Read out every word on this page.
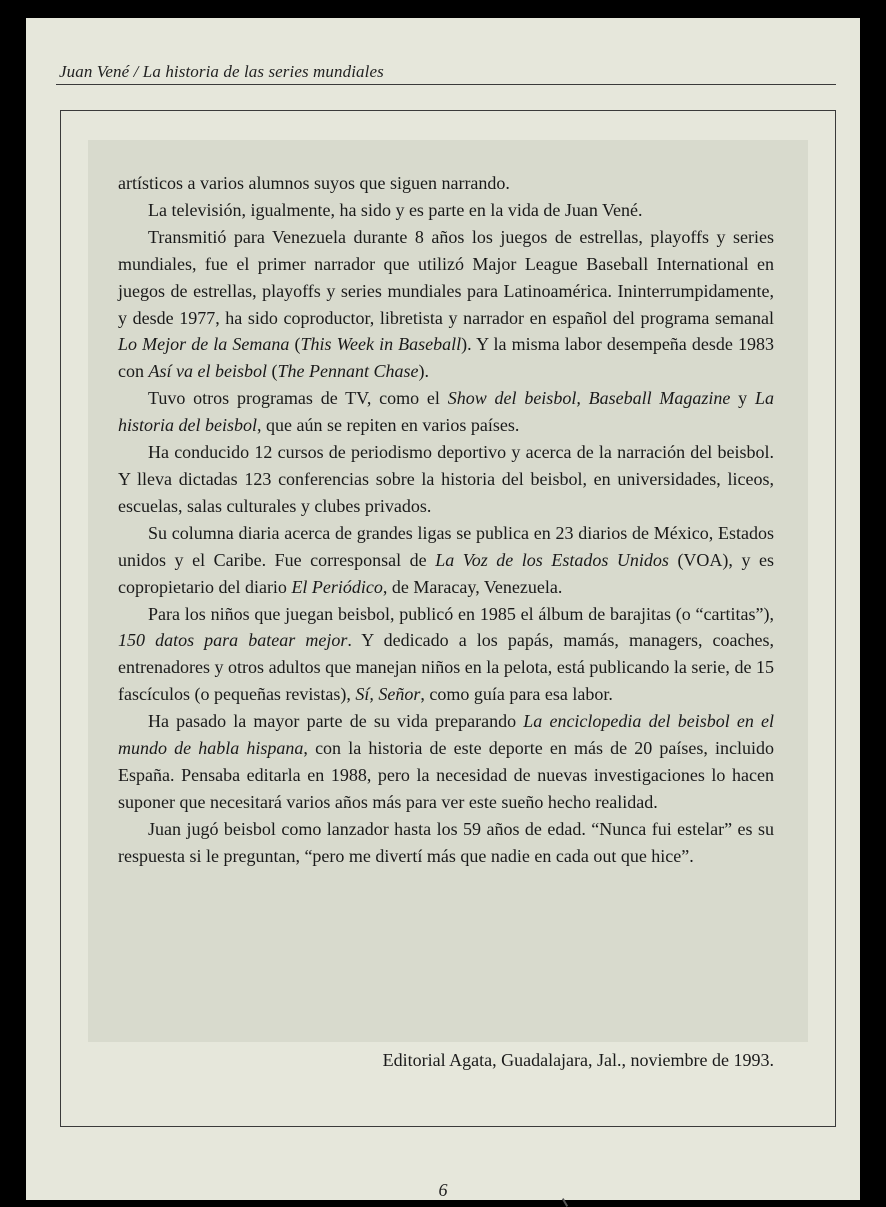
Juan Vené / La historia de las series mundiales

artísticos a varios alumnos suyos que siguen narrando.

La televisión, igualmente, ha sido y es parte en la vida de Juan Vené.

Transmitió para Venezuela durante 8 años los juegos de estrellas, playoffs y series mundiales, fue el primer narrador que utilizó Major League Baseball International en juegos de estrellas, playoffs y series mundiales para Latinoamérica. Ininterrumpidamente, y desde 1977, ha sido coproductor, libretista y narrador en español del programa semanal Lo Mejor de la Semana (This Week in Baseball). Y la misma labor desempeña desde 1983 con Así va el beisbol (The Pennant Chase).

Tuvo otros programas de TV, como el Show del beisbol, Baseball Magazine y La historia del beisbol, que aún se repiten en varios países.

Ha conducido 12 cursos de periodismo deportivo y acerca de la narración del beisbol. Y lleva dictadas 123 conferencias sobre la historia del beisbol, en universidades, liceos, escuelas, salas culturales y clubes privados.

Su columna diaria acerca de grandes ligas se publica en 23 diarios de México, Estados unidos y el Caribe. Fue corresponsal de La Voz de los Estados Unidos (VOA), y es copropietario del diario El Periódico, de Maracay, Venezuela.

Para los niños que juegan beisbol, publicó en 1985 el álbum de barajitas (o “cartitas”), 150 datos para batear mejor. Y dedicado a los papás, mamás, managers, coaches, entrenadores y otros adultos que manejan niños en la pelota, está publicando la serie, de 15 fascículos (o pequeñas revistas), Sí, Señor, como guía para esa labor.

Ha pasado la mayor parte de su vida preparando La enciclopedia del beisbol en el mundo de habla hispana, con la historia de este deporte en más de 20 países, incluido España. Pensaba editarla en 1988, pero la necesidad de nuevas investigaciones lo hacen suponer que necesitará varios años más para ver este sueño hecho realidad.

Juan jugó beisbol como lanzador hasta los 59 años de edad. “Nunca fui estelar” es su respuesta si le preguntan, “pero me divertí más que nadie en cada out que hice”.

Editorial Agata, Guadalajara, Jal., noviembre de 1993.
6
